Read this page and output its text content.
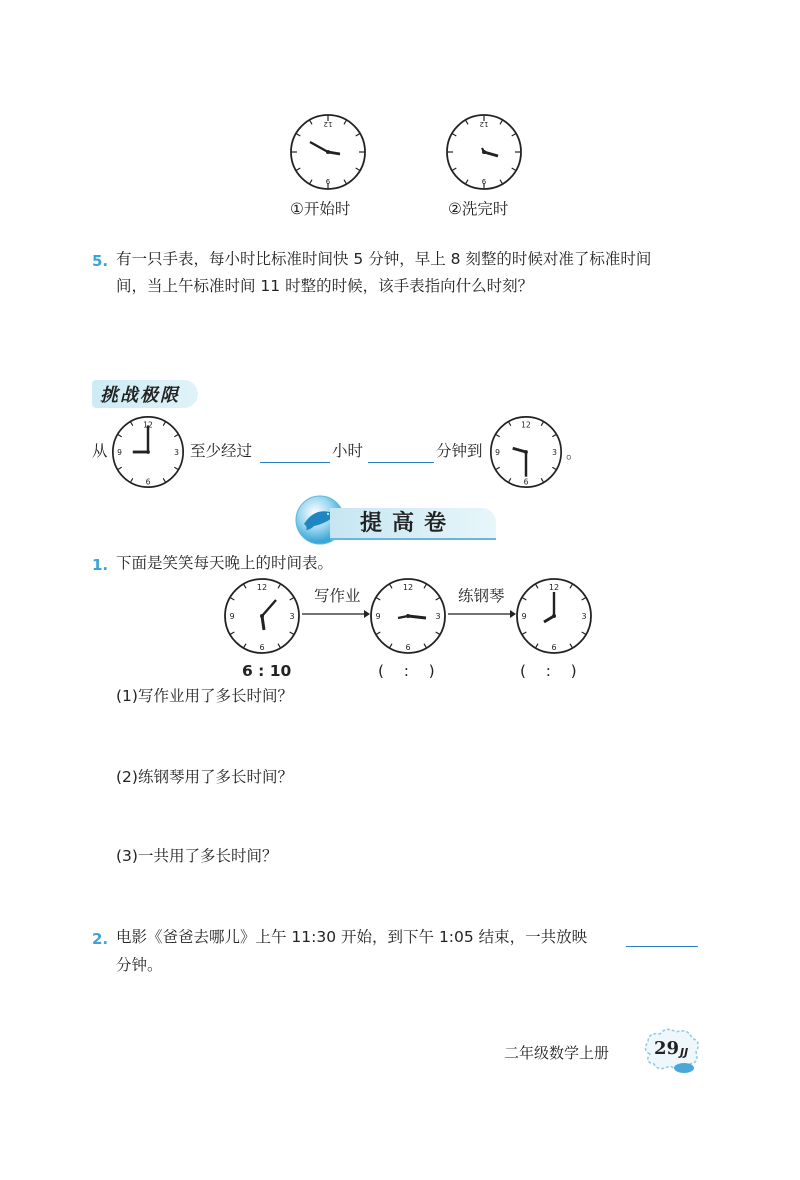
12
6
12
6
①开始时	②洗完时
5. 有一只手表，每小时比标准时间快 5 分钟，早上 8 刻整的时候对准了标准时间
间，当上午标准时间 11 时整的时候，该手表指向什么时刻？
挑战极限
从
12
3
6
9	至少经过	小时	分钟到
12
3
6
9	。
提高卷
1. 下面是笑笑每天晚上的时间表。
12
3
6
9
写作业	12
3
6
9
练钢琴	12
3
6
9
6 : 10	(    :    )	(    :    )
(1)写作业用了多长时间？
(2)练钢琴用了多长时间？
(3)一共用了多长时间？
2. 电影《爸爸去哪儿》上午 11:30 开始，到下午 1:05 结束，一共放映
分钟。
二年级数学上册 29 JJ
